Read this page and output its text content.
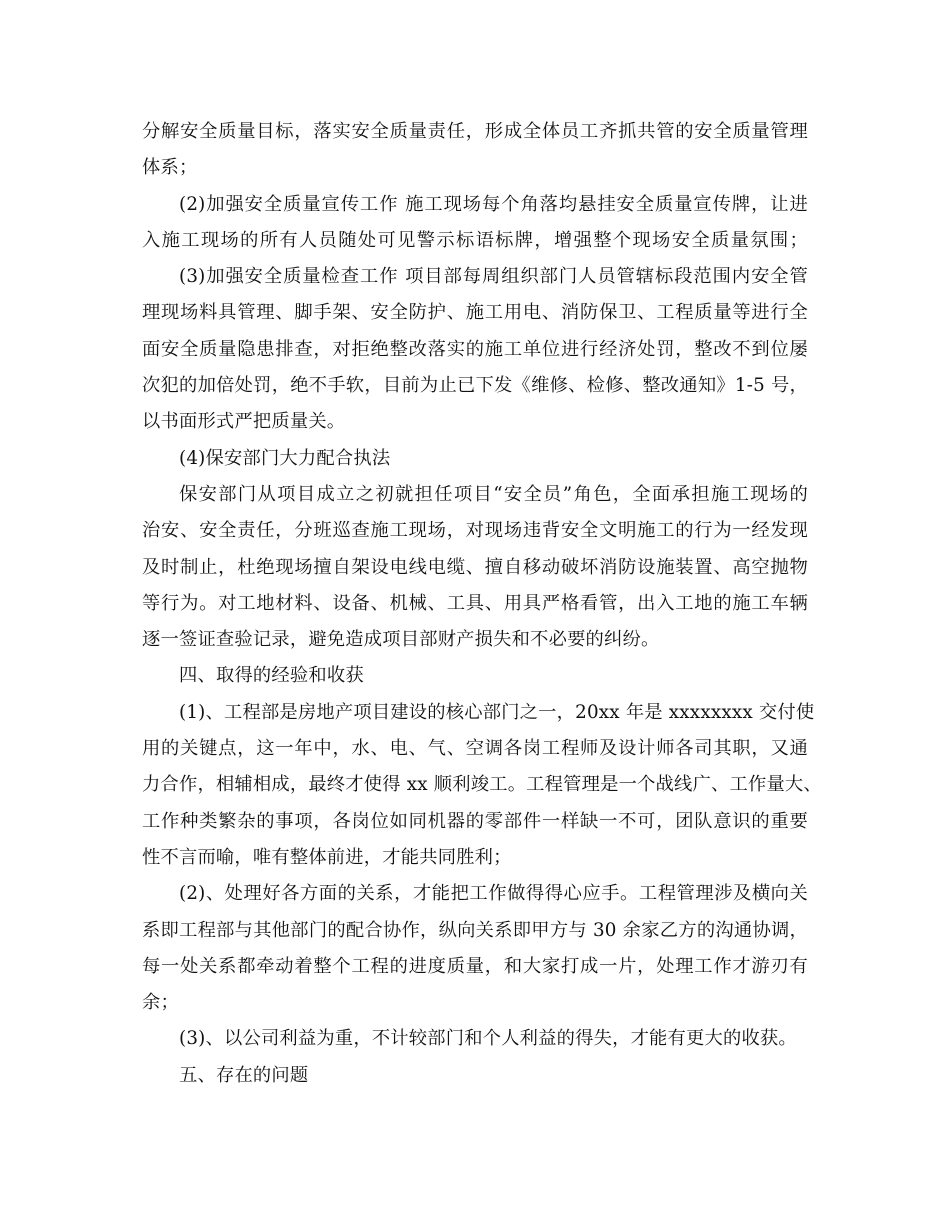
分解安全质量目标，落实安全质量责任，形成全体员工齐抓共管的安全质量管理
体系；
(2)加强安全质量宣传工作 施工现场每个角落均悬挂安全质量宣传牌，让进
入施工现场的所有人员随处可见警示标语标牌，增强整个现场安全质量氛围；
(3)加强安全质量检查工作 项目部每周组织部门人员管辖标段范围内安全管
理现场料具管理、脚手架、安全防护、施工用电、消防保卫、工程质量等进行全
面安全质量隐患排查，对拒绝整改落实的施工单位进行经济处罚，整改不到位屡
次犯的加倍处罚，绝不手软，目前为止已下发《维修、检修、整改通知》1-5 号，
以书面形式严把质量关。
(4)保安部门大力配合执法
保安部门从项目成立之初就担任项目“安全员”角色，全面承担施工现场的
治安、安全责任，分班巡查施工现场，对现场违背安全文明施工的行为一经发现
及时制止，杜绝现场擅自架设电线电缆、擅自移动破坏消防设施装置、高空抛物
等行为。对工地材料、设备、机械、工具、用具严格看管，出入工地的施工车辆
逐一签证查验记录，避免造成项目部财产损失和不必要的纠纷。
四、取得的经验和收获
(1)、工程部是房地产项目建设的核心部门之一，20xx 年是 xxxxxxxx 交付使
用的关键点，这一年中，水、电、气、空调各岗工程师及设计师各司其职，又通
力合作，相辅相成，最终才使得 xx 顺利竣工。工程管理是一个战线广、工作量大、
工作种类繁杂的事项，各岗位如同机器的零部件一样缺一不可，团队意识的重要
性不言而喻，唯有整体前进，才能共同胜利；
(2)、处理好各方面的关系，才能把工作做得得心应手。工程管理涉及横向关
系即工程部与其他部门的配合协作，纵向关系即甲方与 30 余家乙方的沟通协调，
每一处关系都牵动着整个工程的进度质量，和大家打成一片，处理工作才游刃有
余；
(3)、以公司利益为重，不计较部门和个人利益的得失，才能有更大的收获。
五、存在的问题
